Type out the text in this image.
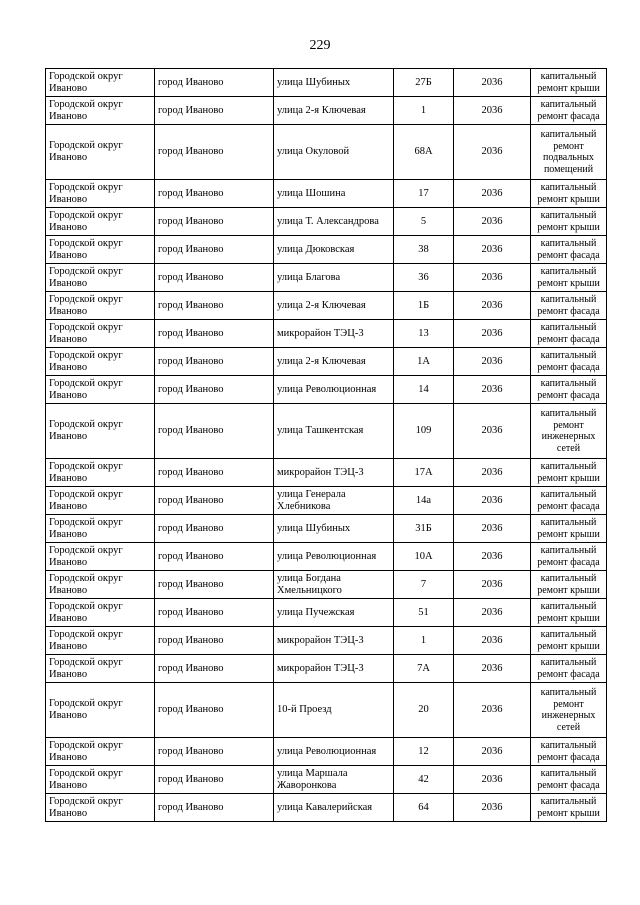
229
Городской округ Иваново	город Иваново	улица Шубиных	27Б	2036	капитальный ремонт крыши
Городской округ Иваново	город Иваново	улица 2-я Ключевая	1	2036	капитальный ремонт фасада
Городской округ Иваново	город Иваново	улица Окуловой	68А	2036	капитальный ремонт подвальных помещений
Городской округ Иваново	город Иваново	улица Шошина	17	2036	капитальный ремонт крыши
Городской округ Иваново	город Иваново	улица Т. Александрова	5	2036	капитальный ремонт крыши
Городской округ Иваново	город Иваново	улица Дюковская	38	2036	капитальный ремонт фасада
Городской округ Иваново	город Иваново	улица Благова	36	2036	капитальный ремонт крыши
Городской округ Иваново	город Иваново	улица 2-я Ключевая	1Б	2036	капитальный ремонт фасада
Городской округ Иваново	город Иваново	микрорайон ТЭЦ-3	13	2036	капитальный ремонт фасада
Городской округ Иваново	город Иваново	улица 2-я Ключевая	1А	2036	капитальный ремонт фасада
Городской округ Иваново	город Иваново	улица Революционная	14	2036	капитальный ремонт фасада
Городской округ Иваново	город Иваново	улица Ташкентская	109	2036	капитальный ремонт инженерных сетей
Городской округ Иваново	город Иваново	микрорайон ТЭЦ-3	17А	2036	капитальный ремонт крыши
Городской округ Иваново	город Иваново	улица Генерала Хлебникова	14а	2036	капитальный ремонт фасада
Городской округ Иваново	город Иваново	улица Шубиных	31Б	2036	капитальный ремонт крыши
Городской округ Иваново	город Иваново	улица Революционная	10А	2036	капитальный ремонт фасада
Городской округ Иваново	город Иваново	улица Богдана Хмельницкого	7	2036	капитальный ремонт крыши
Городской округ Иваново	город Иваново	улица Пучежская	51	2036	капитальный ремонт крыши
Городской округ Иваново	город Иваново	микрорайон ТЭЦ-3	1	2036	капитальный ремонт крыши
Городской округ Иваново	город Иваново	микрорайон ТЭЦ-3	7А	2036	капитальный ремонт фасада
Городской округ Иваново	город Иваново	10-й Проезд	20	2036	капитальный ремонт инженерных сетей
Городской округ Иваново	город Иваново	улица Революционная	12	2036	капитальный ремонт фасада
Городской округ Иваново	город Иваново	улица Маршала Жаворонкова	42	2036	капитальный ремонт фасада
Городской округ Иваново	город Иваново	улица Кавалерийская	64	2036	капитальный ремонт крыши
